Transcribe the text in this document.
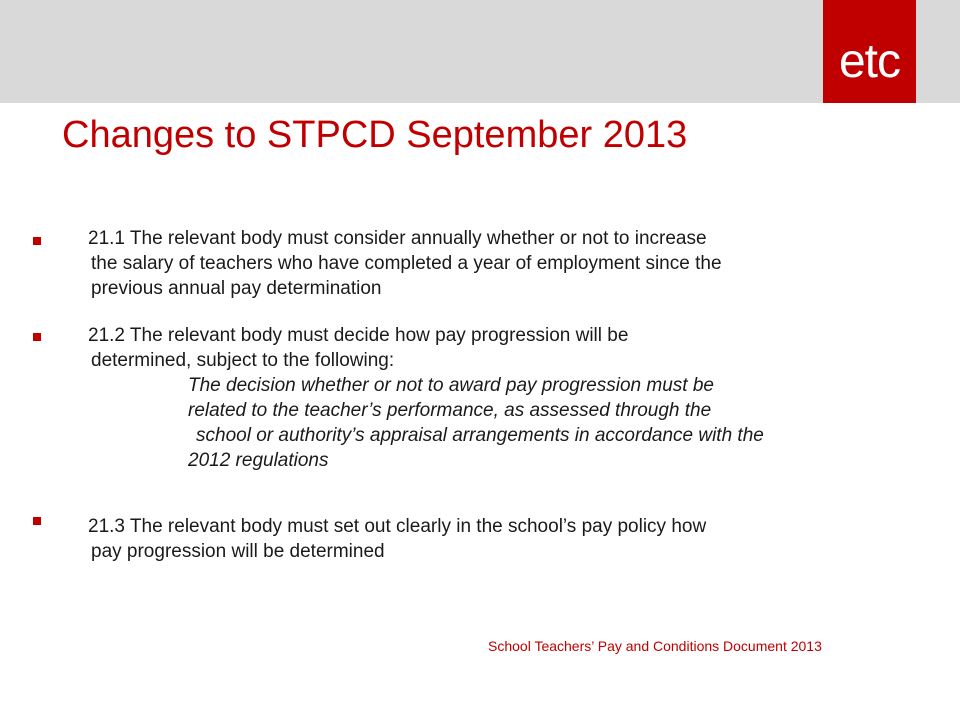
etc
Changes to STPCD September 2013
21.1 The relevant body must consider annually whether or not to increase
the salary of teachers who have completed a year of employment since the
previous annual pay determination
21.2 The relevant body must decide how pay progression will be
determined, subject to the following:
The decision whether or not to award pay progression must be
related to the teacher’s performance, as assessed through the
school or authority’s appraisal arrangements in accordance with the
2012 regulations
21.3 The relevant body must set out clearly in the school’s pay policy how
pay progression will be determined
School Teachers’ Pay and Conditions Document 2013
